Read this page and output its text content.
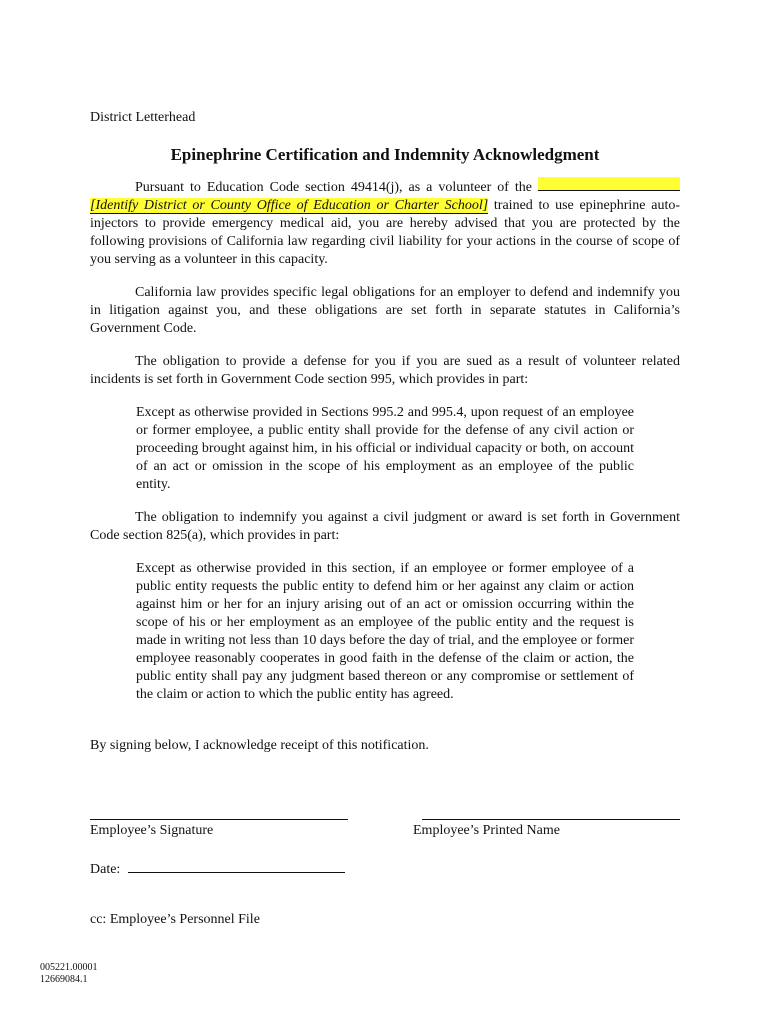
District Letterhead
Epinephrine Certification and Indemnity Acknowledgment

Pursuant to Education Code section 49414(j), as a volunteer of the  [Identify District or County Office of Education or Charter School] trained to use epinephrine auto-injectors to provide emergency medical aid, you are hereby advised that you are protected by the following provisions of California law regarding civil liability for your actions in the course of scope of you serving as a volunteer in this capacity.

California law provides specific legal obligations for an employer to defend and indemnify you in litigation against you, and these obligations are set forth in separate statutes in California’s Government Code.

The obligation to provide a defense for you if you are sued as a result of volunteer related incidents is set forth in Government Code section 995, which provides in part:

Except as otherwise provided in Sections 995.2 and 995.4, upon request of an employee or former employee, a public entity shall provide for the defense of any civil action or proceeding brought against him, in his official or individual capacity or both, on account of an act or omission in the scope of his employment as an employee of the public entity.

The obligation to indemnify you against a civil judgment or award is set forth in Government Code section 825(a), which provides in part:

Except as otherwise provided in this section, if an employee or former employee of a public entity requests the public entity to defend him or her against any claim or action against him or her for an injury arising out of an act or omission occurring within the scope of his or her employment as an employee of the public entity and the request is made in writing not less than 10 days before the day of trial, and the employee or former employee reasonably cooperates in good faith in the defense of the claim or action, the public entity shall pay any judgment based thereon or any compromise or settlement of the claim or action to which the public entity has agreed.

By signing below, I acknowledge receipt of this notification.

Employee’s Signature	Employee’s Printed Name
Date:
cc: Employee’s Personnel File
005221.00001
12669084.1
